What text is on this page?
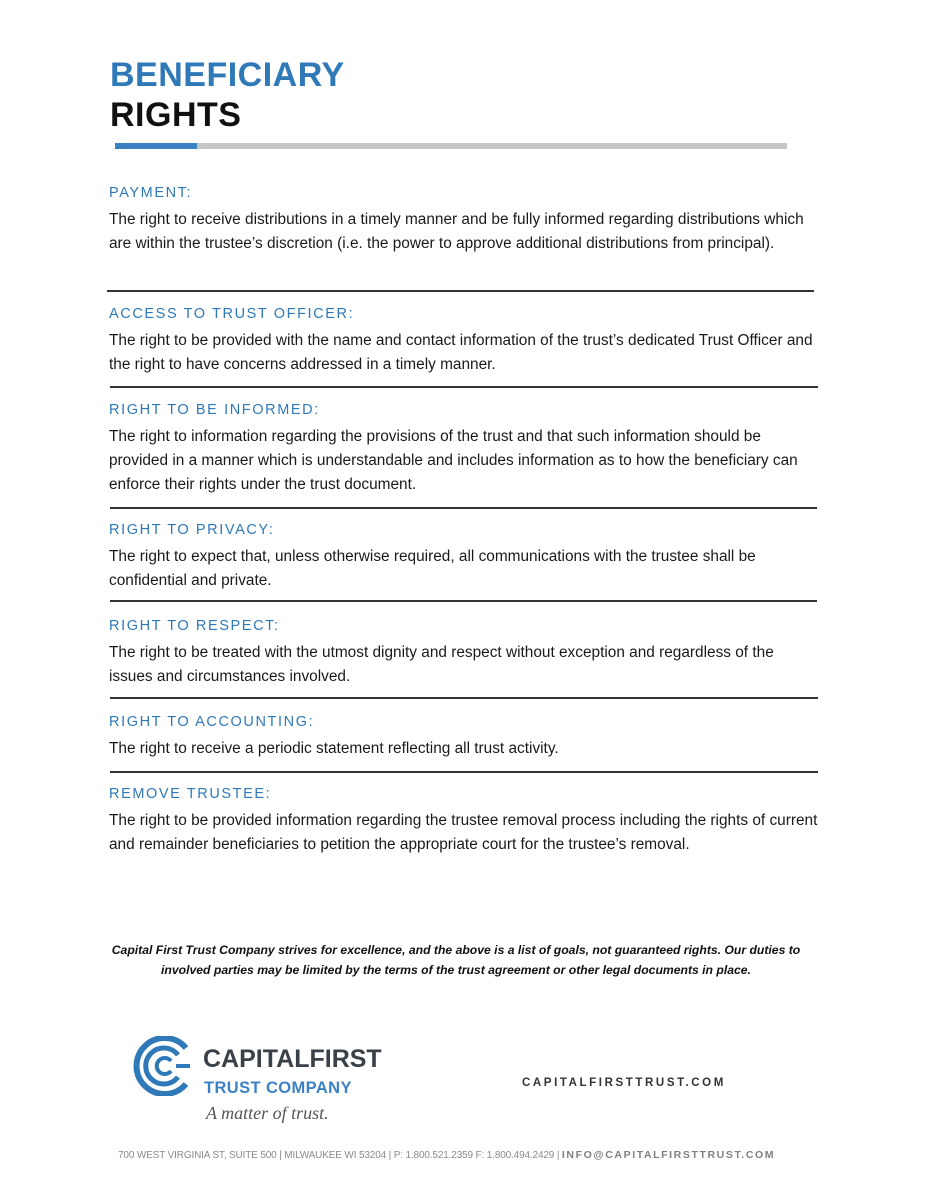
BENEFICIARY
RIGHTS
PAYMENT:
The right to receive distributions in a timely manner and be fully informed regarding distributions which are within the trustee’s discretion (i.e. the power to approve additional distributions from principal).
ACCESS TO TRUST OFFICER:
The right to be provided with the name and contact information of the trust’s dedicated Trust Officer and the right to have concerns addressed in a timely manner.
RIGHT TO BE INFORMED:
The right to information regarding the provisions of the trust and that such information should be provided in a manner which is understandable and includes information as to how the beneficiary can enforce their rights under the trust document.
RIGHT TO PRIVACY:
The right to expect that, unless otherwise required, all communications with the trustee shall be confidential and private.
RIGHT TO RESPECT:
The right to be treated with the utmost dignity and respect without exception and regardless of the issues and circumstances involved.
RIGHT TO ACCOUNTING:
The right to receive a periodic statement reflecting all trust activity.
REMOVE TRUSTEE:
The right to be provided information regarding the trustee removal process including the rights of current and remainder beneficiaries to petition the appropriate court for the trustee’s removal.
Capital First Trust Company strives for excellence, and the above is a list of goals, not guaranteed rights. Our duties to involved parties may be limited by the terms of the trust agreement or other legal documents in place.
CAPITALFIRST
TRUST COMPANY
A matter of trust.
CAPITALFIRSTTRUST.COM
700 WEST VIRGINIA ST, SUITE 500 | MILWAUKEE WI 53204 | P: 1.800.521.2359 F: 1.800.494.2429 | INFO@CAPITALFIRSTTRUST.COM
